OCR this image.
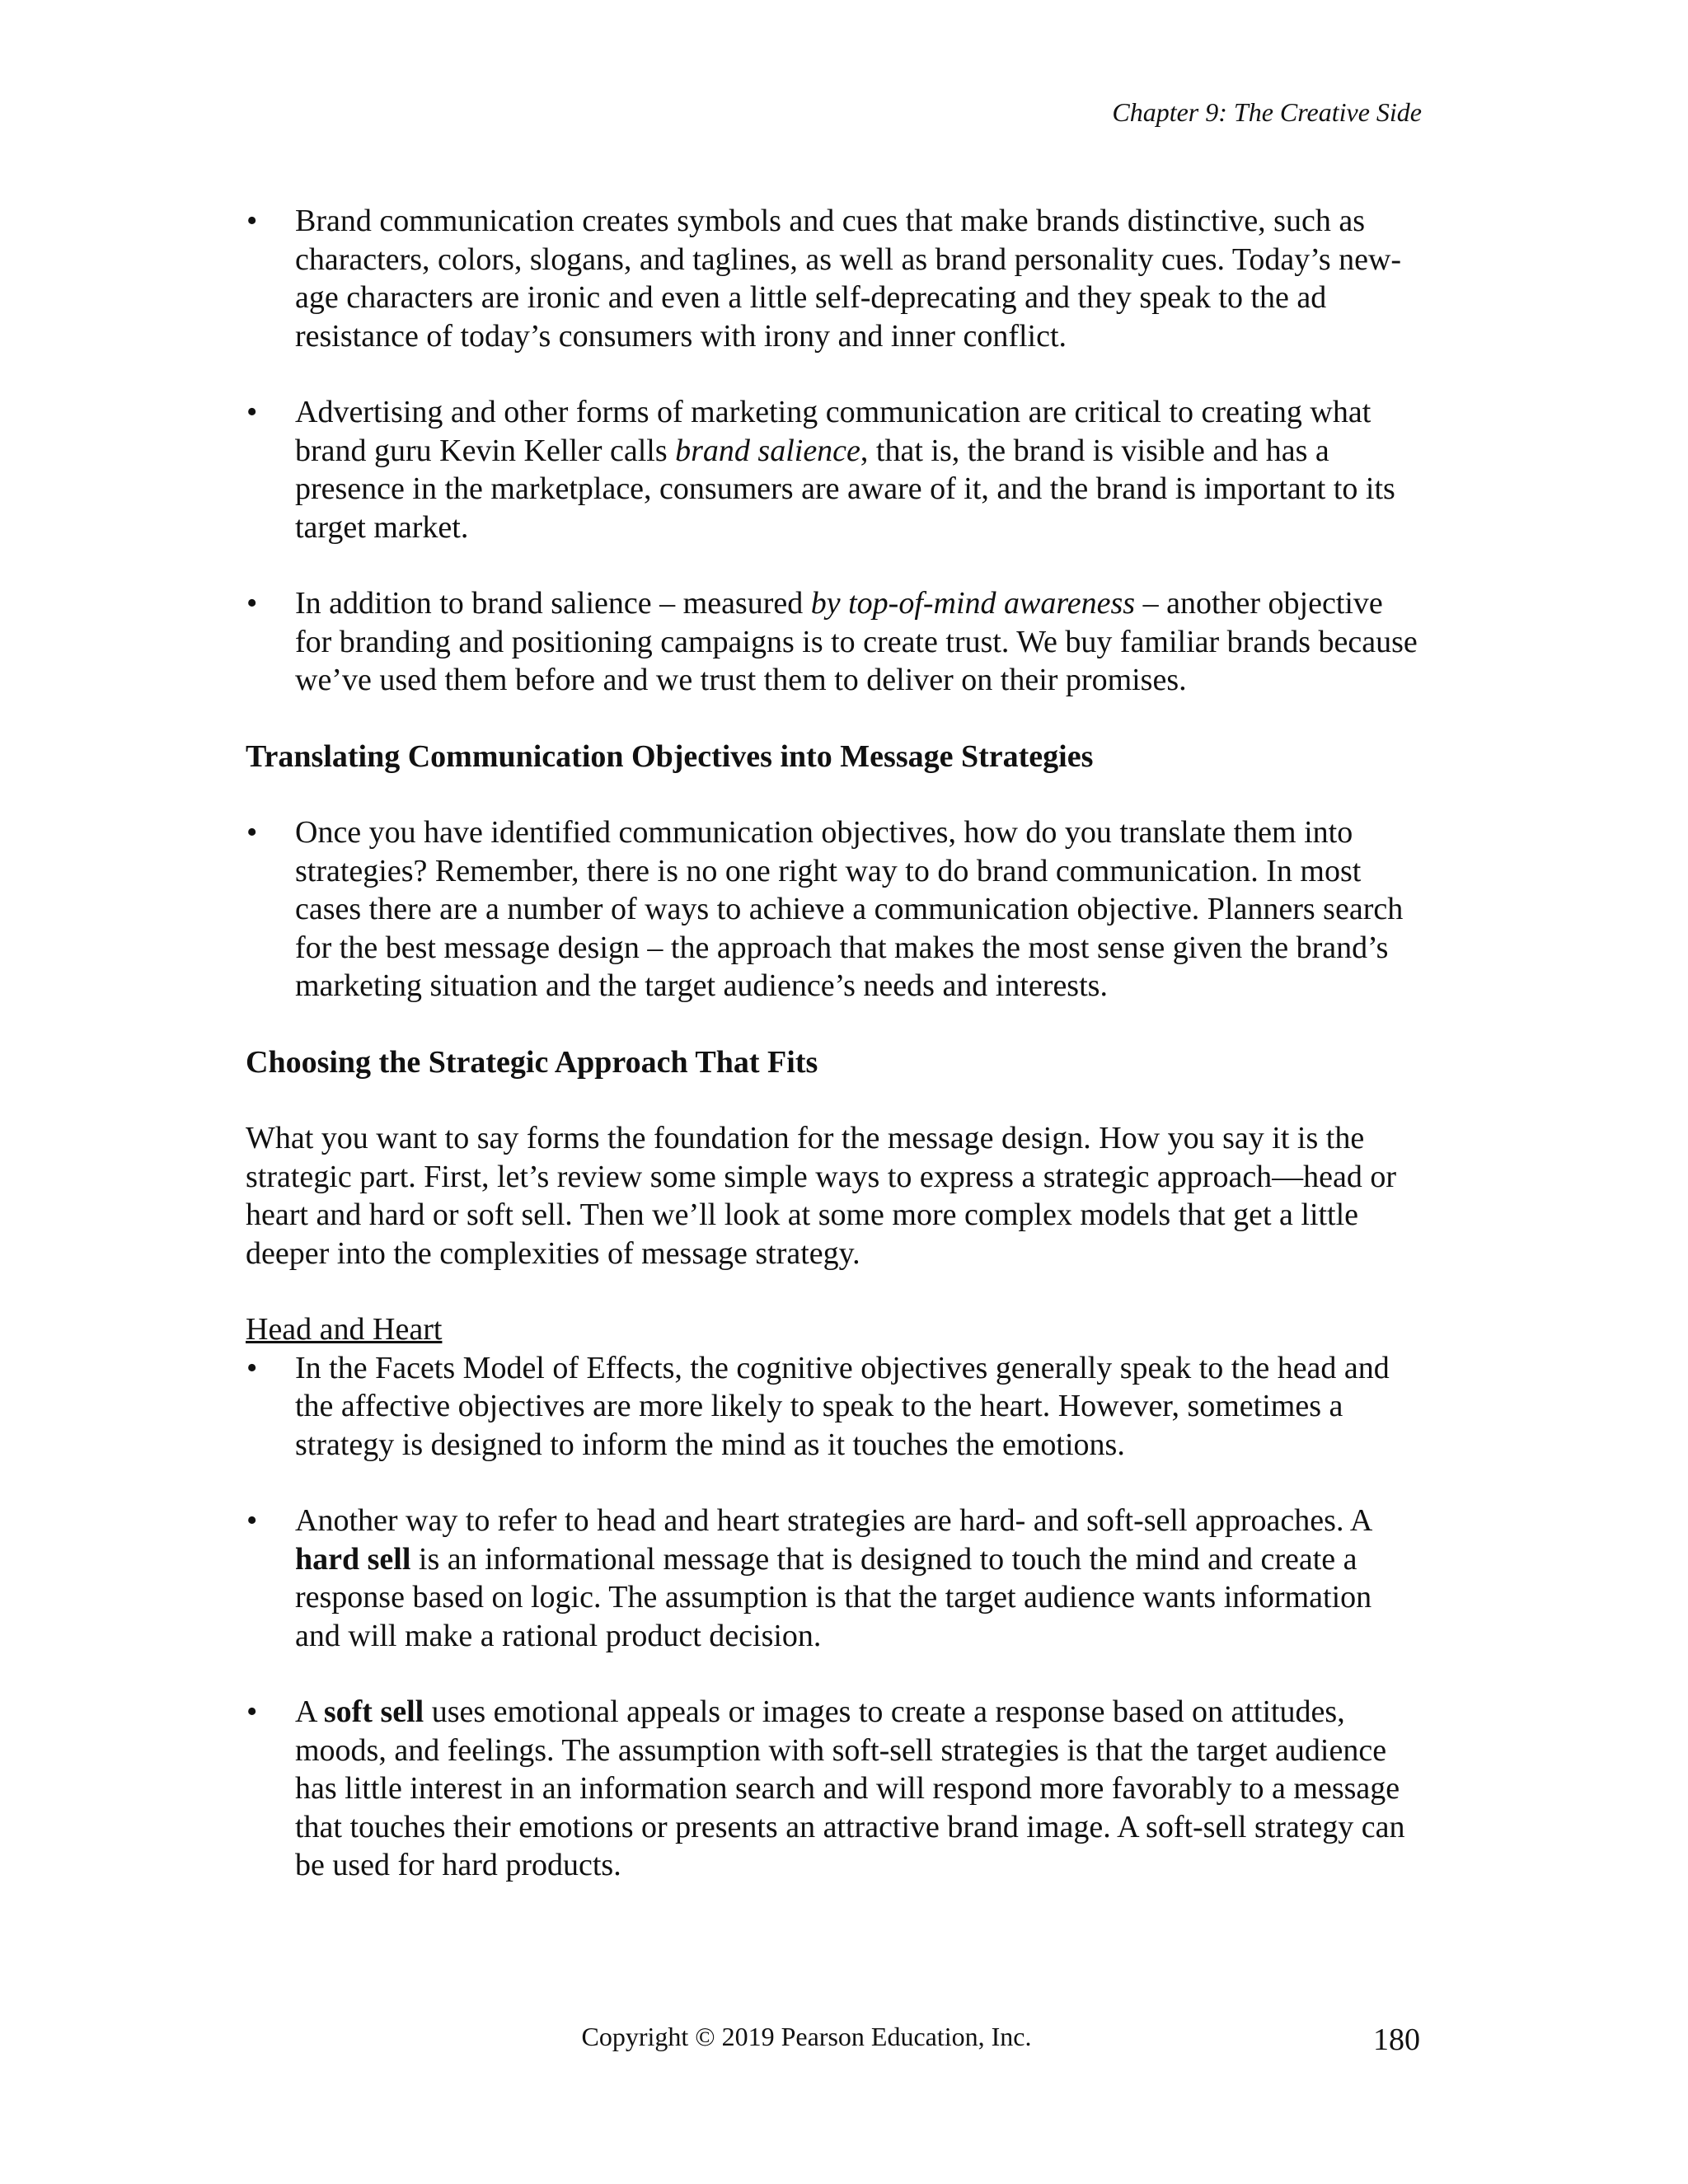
Chapter 9: The Creative Side
• Brand communication creates symbols and cues that make brands distinctive, such as characters, colors, slogans, and taglines, as well as brand personality cues. Today’s new-age characters are ironic and even a little self-deprecating and they speak to the ad resistance of today’s consumers with irony and inner conflict.
• Advertising and other forms of marketing communication are critical to creating what brand guru Kevin Keller calls brand salience, that is, the brand is visible and has a presence in the marketplace, consumers are aware of it, and the brand is important to its target market.
• In addition to brand salience – measured by top-of-mind awareness – another objective for branding and positioning campaigns is to create trust. We buy familiar brands because we’ve used them before and we trust them to deliver on their promises.
Translating Communication Objectives into Message Strategies
• Once you have identified communication objectives, how do you translate them into strategies? Remember, there is no one right way to do brand communication. In most cases there are a number of ways to achieve a communication objective. Planners search for the best message design – the approach that makes the most sense given the brand’s marketing situation and the target audience’s needs and interests.
Choosing the Strategic Approach That Fits
What you want to say forms the foundation for the message design. How you say it is the strategic part. First, let’s review some simple ways to express a strategic approach—head or heart and hard or soft sell. Then we’ll look at some more complex models that get a little deeper into the complexities of message strategy.
Head and Heart
• In the Facets Model of Effects, the cognitive objectives generally speak to the head and the affective objectives are more likely to speak to the heart. However, sometimes a strategy is designed to inform the mind as it touches the emotions.
• Another way to refer to head and heart strategies are hard- and soft-sell approaches. A hard sell is an informational message that is designed to touch the mind and create a response based on logic. The assumption is that the target audience wants information and will make a rational product decision.
• A soft sell uses emotional appeals or images to create a response based on attitudes, moods, and feelings. The assumption with soft-sell strategies is that the target audience has little interest in an information search and will respond more favorably to a message that touches their emotions or presents an attractive brand image. A soft-sell strategy can be used for hard products.
Copyright © 2019 Pearson Education, Inc.	180
